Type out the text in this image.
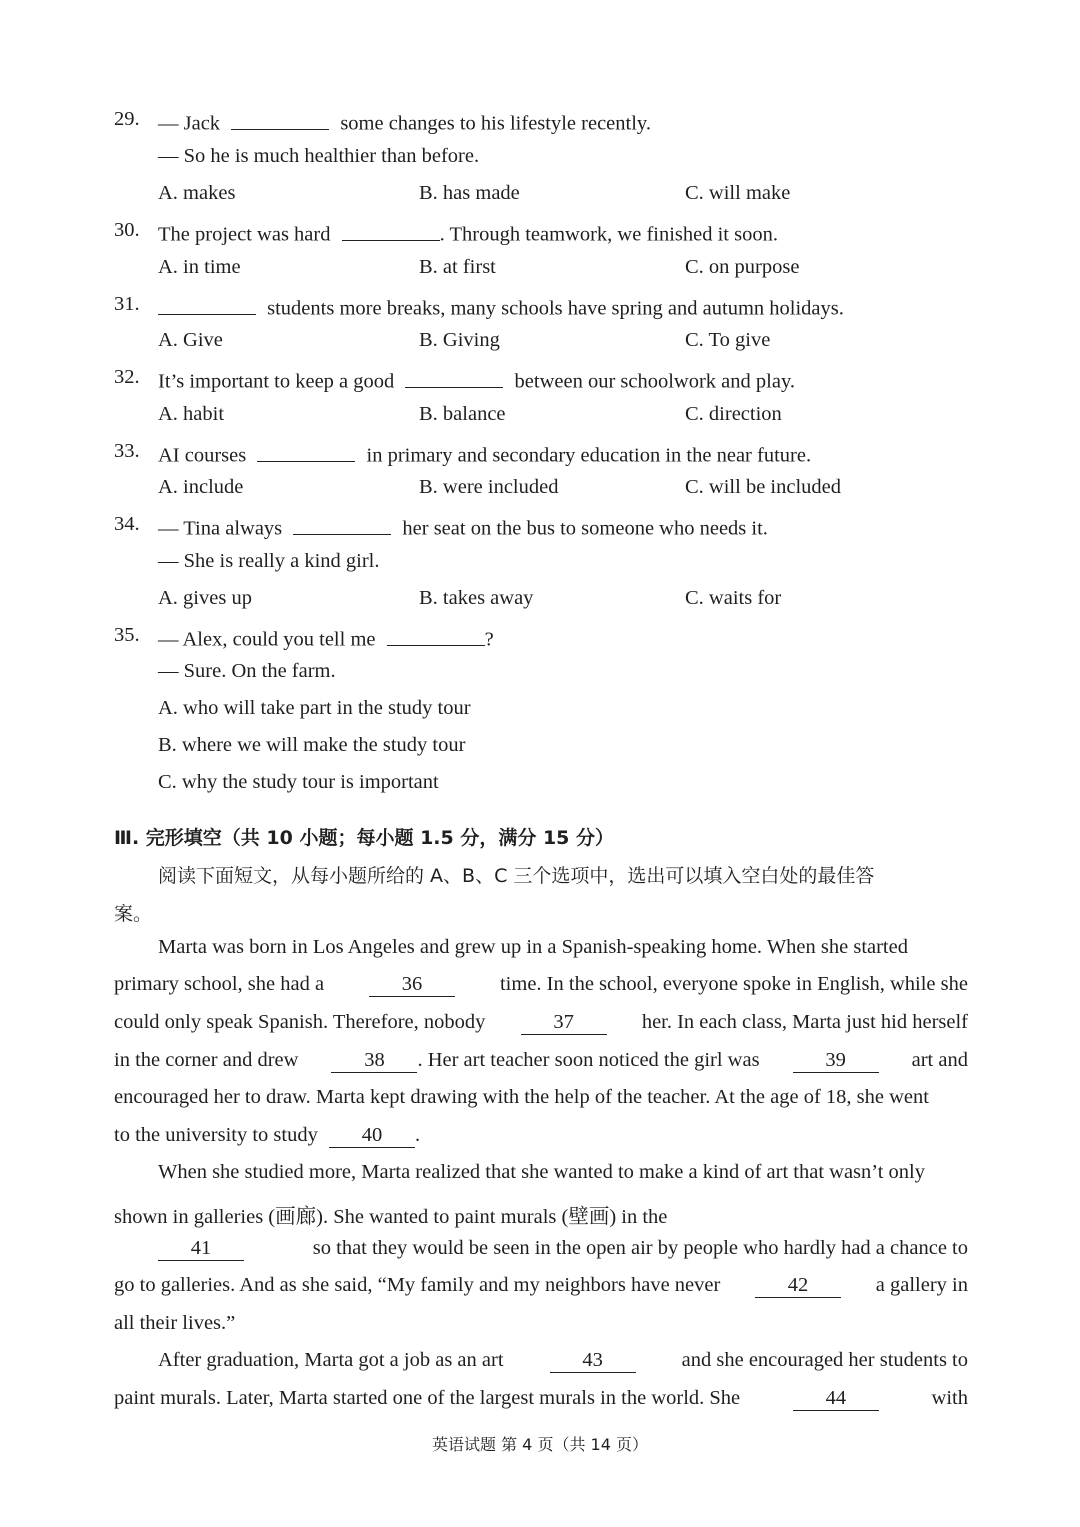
29. — Jack	some changes to his lifestyle recently.
— So he is much healthier than before.
A. makes	B. has made	C. will make
30. The project was hard	. Through teamwork, we finished it soon.
A. in time	B. at first	C. on purpose
31.	students more breaks, many schools have spring and autumn holidays.
A. Give	B. Giving	C. To give
32. It’s important to keep a good	between our schoolwork and play.
A. habit	B. balance	C. direction
33. AI courses	in primary and secondary education in the near future.
A. include	B. were included	C. will be included
34. — Tina always	her seat on the bus to someone who needs it.
— She is really a kind girl.
A. gives up	B. takes away	C. waits for
35. — Alex, could you tell me	?
— Sure. On the farm.
A. who will take part in the study tour
B. where we will make the study tour
C. why the study tour is important
Ⅲ. 完形填空（共 10 小题；每小题 1.5 分，满分 15 分）
阅读下面短文，从每小题所给的 A、B、C 三个选项中，选出可以填入空白处的最佳答
案。
Marta was born in Los Angeles and grew up in a Spanish-speaking home. When she started
primary school, she had a	36	time. In the school, everyone spoke in English, while she
could only speak Spanish. Therefore, nobody	37	her. In each class, Marta just hid herself
in the corner and drew	38	. Her art teacher soon noticed the girl was	39	art and
encouraged her to draw. Marta kept drawing with the help of the teacher. At the age of 18, she went
to the university to study 40 .
When she studied more, Marta realized that she wanted to make a kind of art that wasn’t only
shown in galleries (画廊). She wanted to paint murals (壁画) in the
41	so that they would be seen in the open air by people who hardly had a chance to
go to galleries. And as she said, “My family and my neighbors have never	42	a gallery in
all their lives.”
After graduation, Marta got a job as an art	43	and she encouraged her students to
paint murals. Later, Marta started one of the largest murals in the world. She	44	with
英语试题 第 4 页（共 14 页）
